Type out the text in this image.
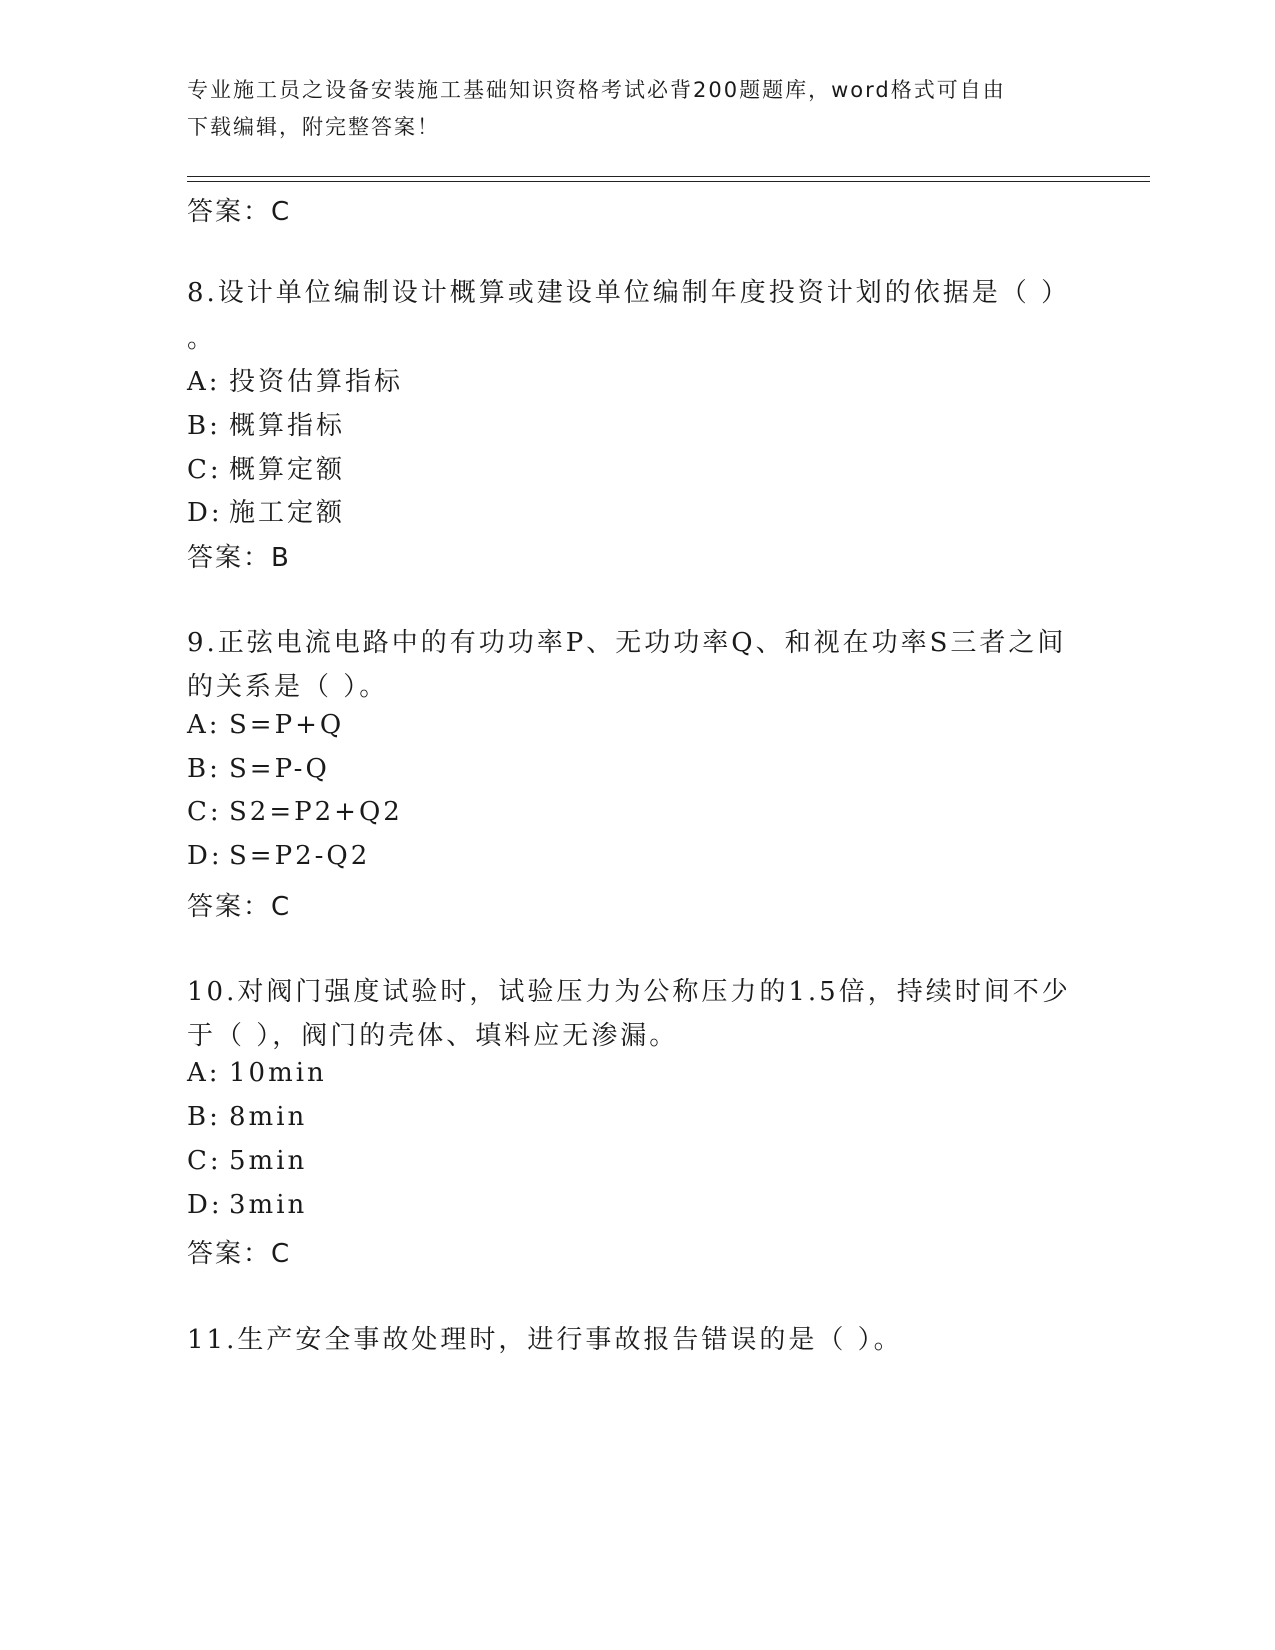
专业施工员之设备安装施工基础知识资格考试必背200题题库，word格式可自由
下载编辑，附完整答案！
答案：C
8.设计单位编制设计概算或建设单位编制年度投资计划的依据是（ ）
。
A: 投资估算指标
B: 概算指标
C: 概算定额
D: 施工定额
答案：B
9.正弦电流电路中的有功功率P、无功功率Q、和视在功率S三者之间
的关系是（ ）。
A: S=P+Q
B: S=P-Q
C: S2=P2+Q2
D: S=P2-Q2
答案：C
10.对阀门强度试验时，试验压力为公称压力的1.5倍，持续时间不少
于（ ），阀门的壳体、填料应无渗漏。
A: 10min
B: 8min
C: 5min
D: 3min
答案：C
11.生产安全事故处理时，进行事故报告错误的是（ ）。
